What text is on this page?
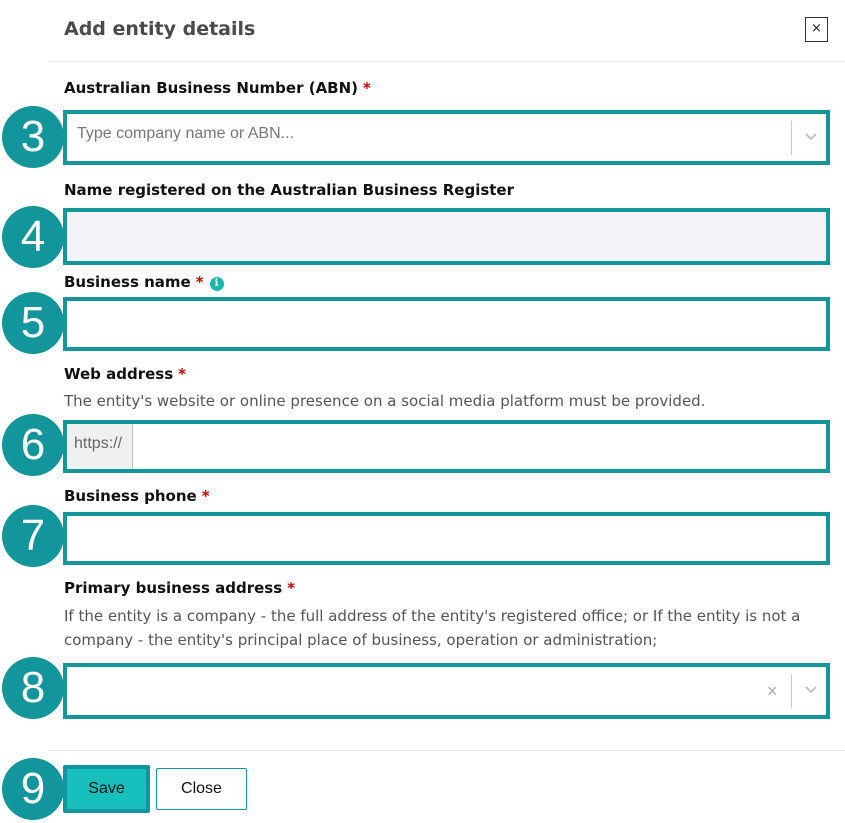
Add entity details	×
Australian Business Number (ABN) *
3	Type company name or ABN...
Name registered on the Australian Business Register
4
Business name * i
5
Web address *
The entity's website or online presence on a social media platform must be provided.
6	https://
Business phone *
7
Primary business address *
If the entity is a company - the full address of the entity's registered office; or If the entity is not a company - the entity's principal place of business, operation or administration;
8	×
9	Save	Close
